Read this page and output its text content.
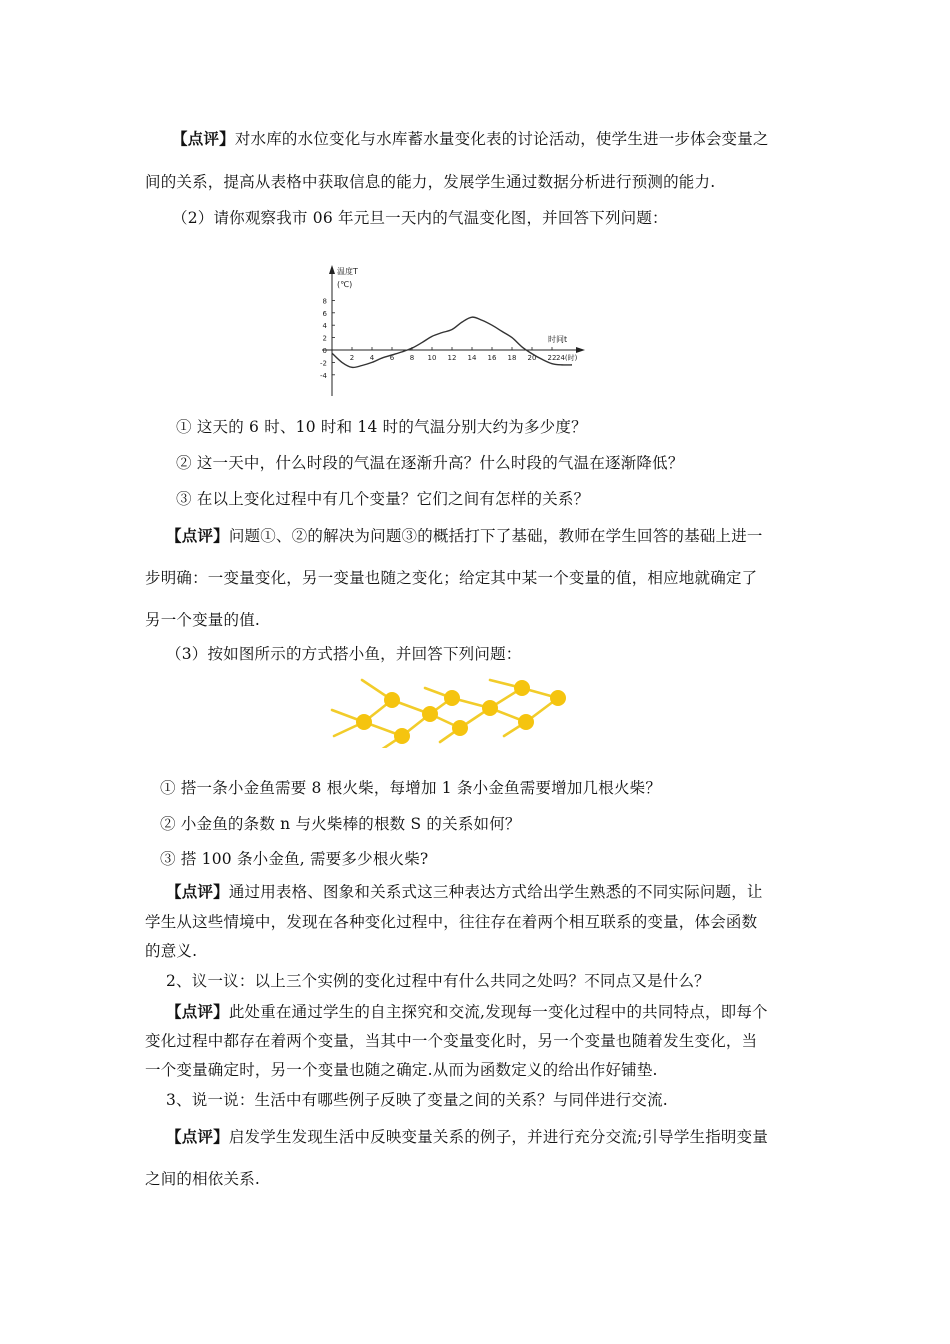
【点评】对水库的水位变化与水库蓄水量变化表的讨论活动，使学生进一步体会变量之
间的关系，提高从表格中获取信息的能力，发展学生通过数据分析进行预测的能力.
（2）请你观察我市 06 年元旦一天内的气温变化图，并回答下列问题：
温度T
(℃)
时间t
24(时)
2 4 6 8 10 12 14 16 18 20 22
8
6
4
2
0
-2
-4
① 这天的 6 时、10 时和 14 时的气温分别大约为多少度？
② 这一天中，什么时段的气温在逐渐升高？什么时段的气温在逐渐降低？
③ 在以上变化过程中有几个变量？它们之间有怎样的关系？
【点评】问题①、②的解决为问题③的概括打下了基础，教师在学生回答的基础上进一
步明确：一变量变化，另一变量也随之变化；给定其中某一个变量的值，相应地就确定了
另一个变量的值.
（3）按如图所示的方式搭小鱼，并回答下列问题：
① 搭一条小金鱼需要 8 根火柴，每增加 1 条小金鱼需要增加几根火柴？
② 小金鱼的条数 n 与火柴棒的根数 S 的关系如何？
③ 搭 100 条小金鱼, 需要多少根火柴?
【点评】通过用表格、图象和关系式这三种表达方式给出学生熟悉的不同实际问题，让
学生从这些情境中，发现在各种变化过程中，往往存在着两个相互联系的变量，体会函数
的意义.
2、议一议：以上三个实例的变化过程中有什么共同之处吗？不同点又是什么？
【点评】此处重在通过学生的自主探究和交流,发现每一变化过程中的共同特点，即每个
变化过程中都存在着两个变量，当其中一个变量变化时，另一个变量也随着发生变化，当
一个变量确定时，另一个变量也随之确定.从而为函数定义的给出作好铺垫.
3、说一说：生活中有哪些例子反映了变量之间的关系？与同伴进行交流.
【点评】启发学生发现生活中反映变量关系的例子，并进行充分交流;引导学生指明变量
之间的相依关系.
